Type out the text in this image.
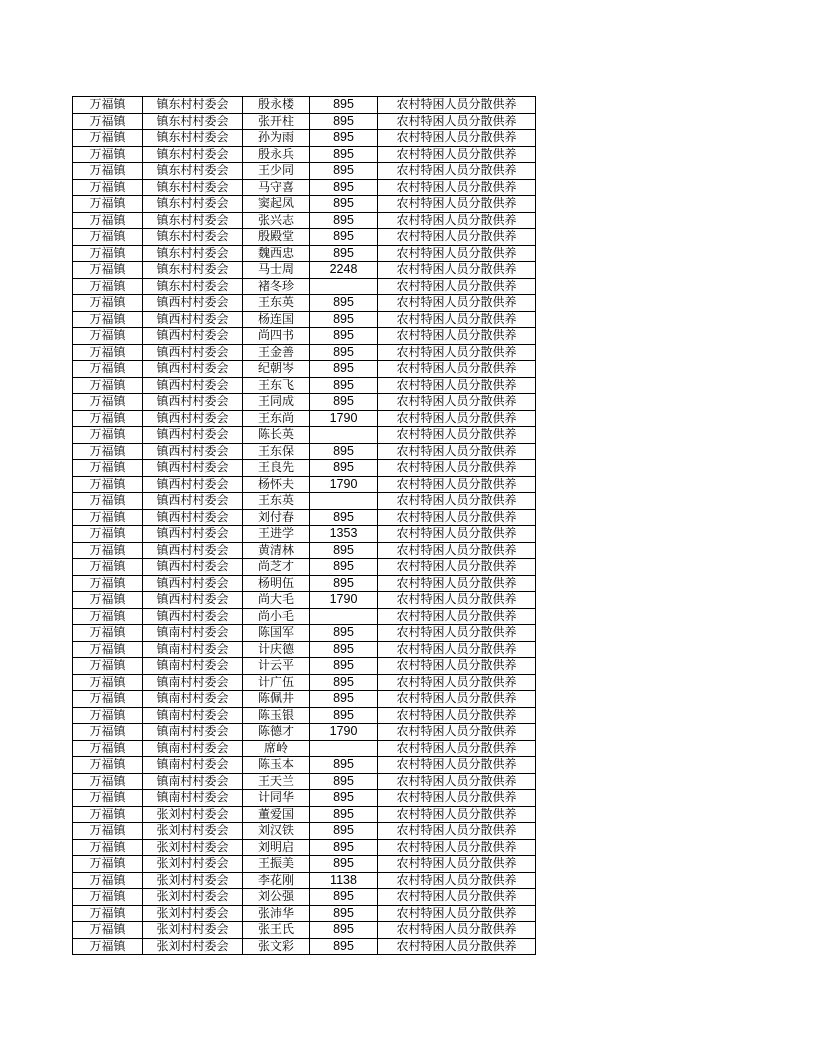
万福镇	镇东村村委会	殷永楼	895	农村特困人员分散供养
万福镇	镇东村村委会	张开柱	895	农村特困人员分散供养
万福镇	镇东村村委会	孙为雨	895	农村特困人员分散供养
万福镇	镇东村村委会	殷永兵	895	农村特困人员分散供养
万福镇	镇东村村委会	王少同	895	农村特困人员分散供养
万福镇	镇东村村委会	马守喜	895	农村特困人员分散供养
万福镇	镇东村村委会	窦起凤	895	农村特困人员分散供养
万福镇	镇东村村委会	张兴志	895	农村特困人员分散供养
万福镇	镇东村村委会	殷殿堂	895	农村特困人员分散供养
万福镇	镇东村村委会	魏西忠	895	农村特困人员分散供养
万福镇	镇东村村委会	马士周	2248	农村特困人员分散供养
万福镇	镇东村村委会	褚冬珍		农村特困人员分散供养
万福镇	镇西村村委会	王东英	895	农村特困人员分散供养
万福镇	镇西村村委会	杨连国	895	农村特困人员分散供养
万福镇	镇西村村委会	尚四书	895	农村特困人员分散供养
万福镇	镇西村村委会	王金善	895	农村特困人员分散供养
万福镇	镇西村村委会	纪朝岑	895	农村特困人员分散供养
万福镇	镇西村村委会	王东飞	895	农村特困人员分散供养
万福镇	镇西村村委会	王同成	895	农村特困人员分散供养
万福镇	镇西村村委会	王东尚	1790	农村特困人员分散供养
万福镇	镇西村村委会	陈长英		农村特困人员分散供养
万福镇	镇西村村委会	王东保	895	农村特困人员分散供养
万福镇	镇西村村委会	王良先	895	农村特困人员分散供养
万福镇	镇西村村委会	杨怀夫	1790	农村特困人员分散供养
万福镇	镇西村村委会	王东英		农村特困人员分散供养
万福镇	镇西村村委会	刘付春	895	农村特困人员分散供养
万福镇	镇西村村委会	王进学	1353	农村特困人员分散供养
万福镇	镇西村村委会	黄清林	895	农村特困人员分散供养
万福镇	镇西村村委会	尚芝才	895	农村特困人员分散供养
万福镇	镇西村村委会	杨明伍	895	农村特困人员分散供养
万福镇	镇西村村委会	尚大毛	1790	农村特困人员分散供养
万福镇	镇西村村委会	尚小毛		农村特困人员分散供养
万福镇	镇南村村委会	陈国军	895	农村特困人员分散供养
万福镇	镇南村村委会	计庆德	895	农村特困人员分散供养
万福镇	镇南村村委会	计云平	895	农村特困人员分散供养
万福镇	镇南村村委会	计广伍	895	农村特困人员分散供养
万福镇	镇南村村委会	陈佩井	895	农村特困人员分散供养
万福镇	镇南村村委会	陈玉银	895	农村特困人员分散供养
万福镇	镇南村村委会	陈德才	1790	农村特困人员分散供养
万福镇	镇南村村委会	席岭		农村特困人员分散供养
万福镇	镇南村村委会	陈玉本	895	农村特困人员分散供养
万福镇	镇南村村委会	王天兰	895	农村特困人员分散供养
万福镇	镇南村村委会	计同华	895	农村特困人员分散供养
万福镇	张刘村村委会	董爱国	895	农村特困人员分散供养
万福镇	张刘村村委会	刘汉铁	895	农村特困人员分散供养
万福镇	张刘村村委会	刘明启	895	农村特困人员分散供养
万福镇	张刘村村委会	王振美	895	农村特困人员分散供养
万福镇	张刘村村委会	李花刚	1138	农村特困人员分散供养
万福镇	张刘村村委会	刘公强	895	农村特困人员分散供养
万福镇	张刘村村委会	张沛华	895	农村特困人员分散供养
万福镇	张刘村村委会	张王氏	895	农村特困人员分散供养
万福镇	张刘村村委会	张文彩	895	农村特困人员分散供养
